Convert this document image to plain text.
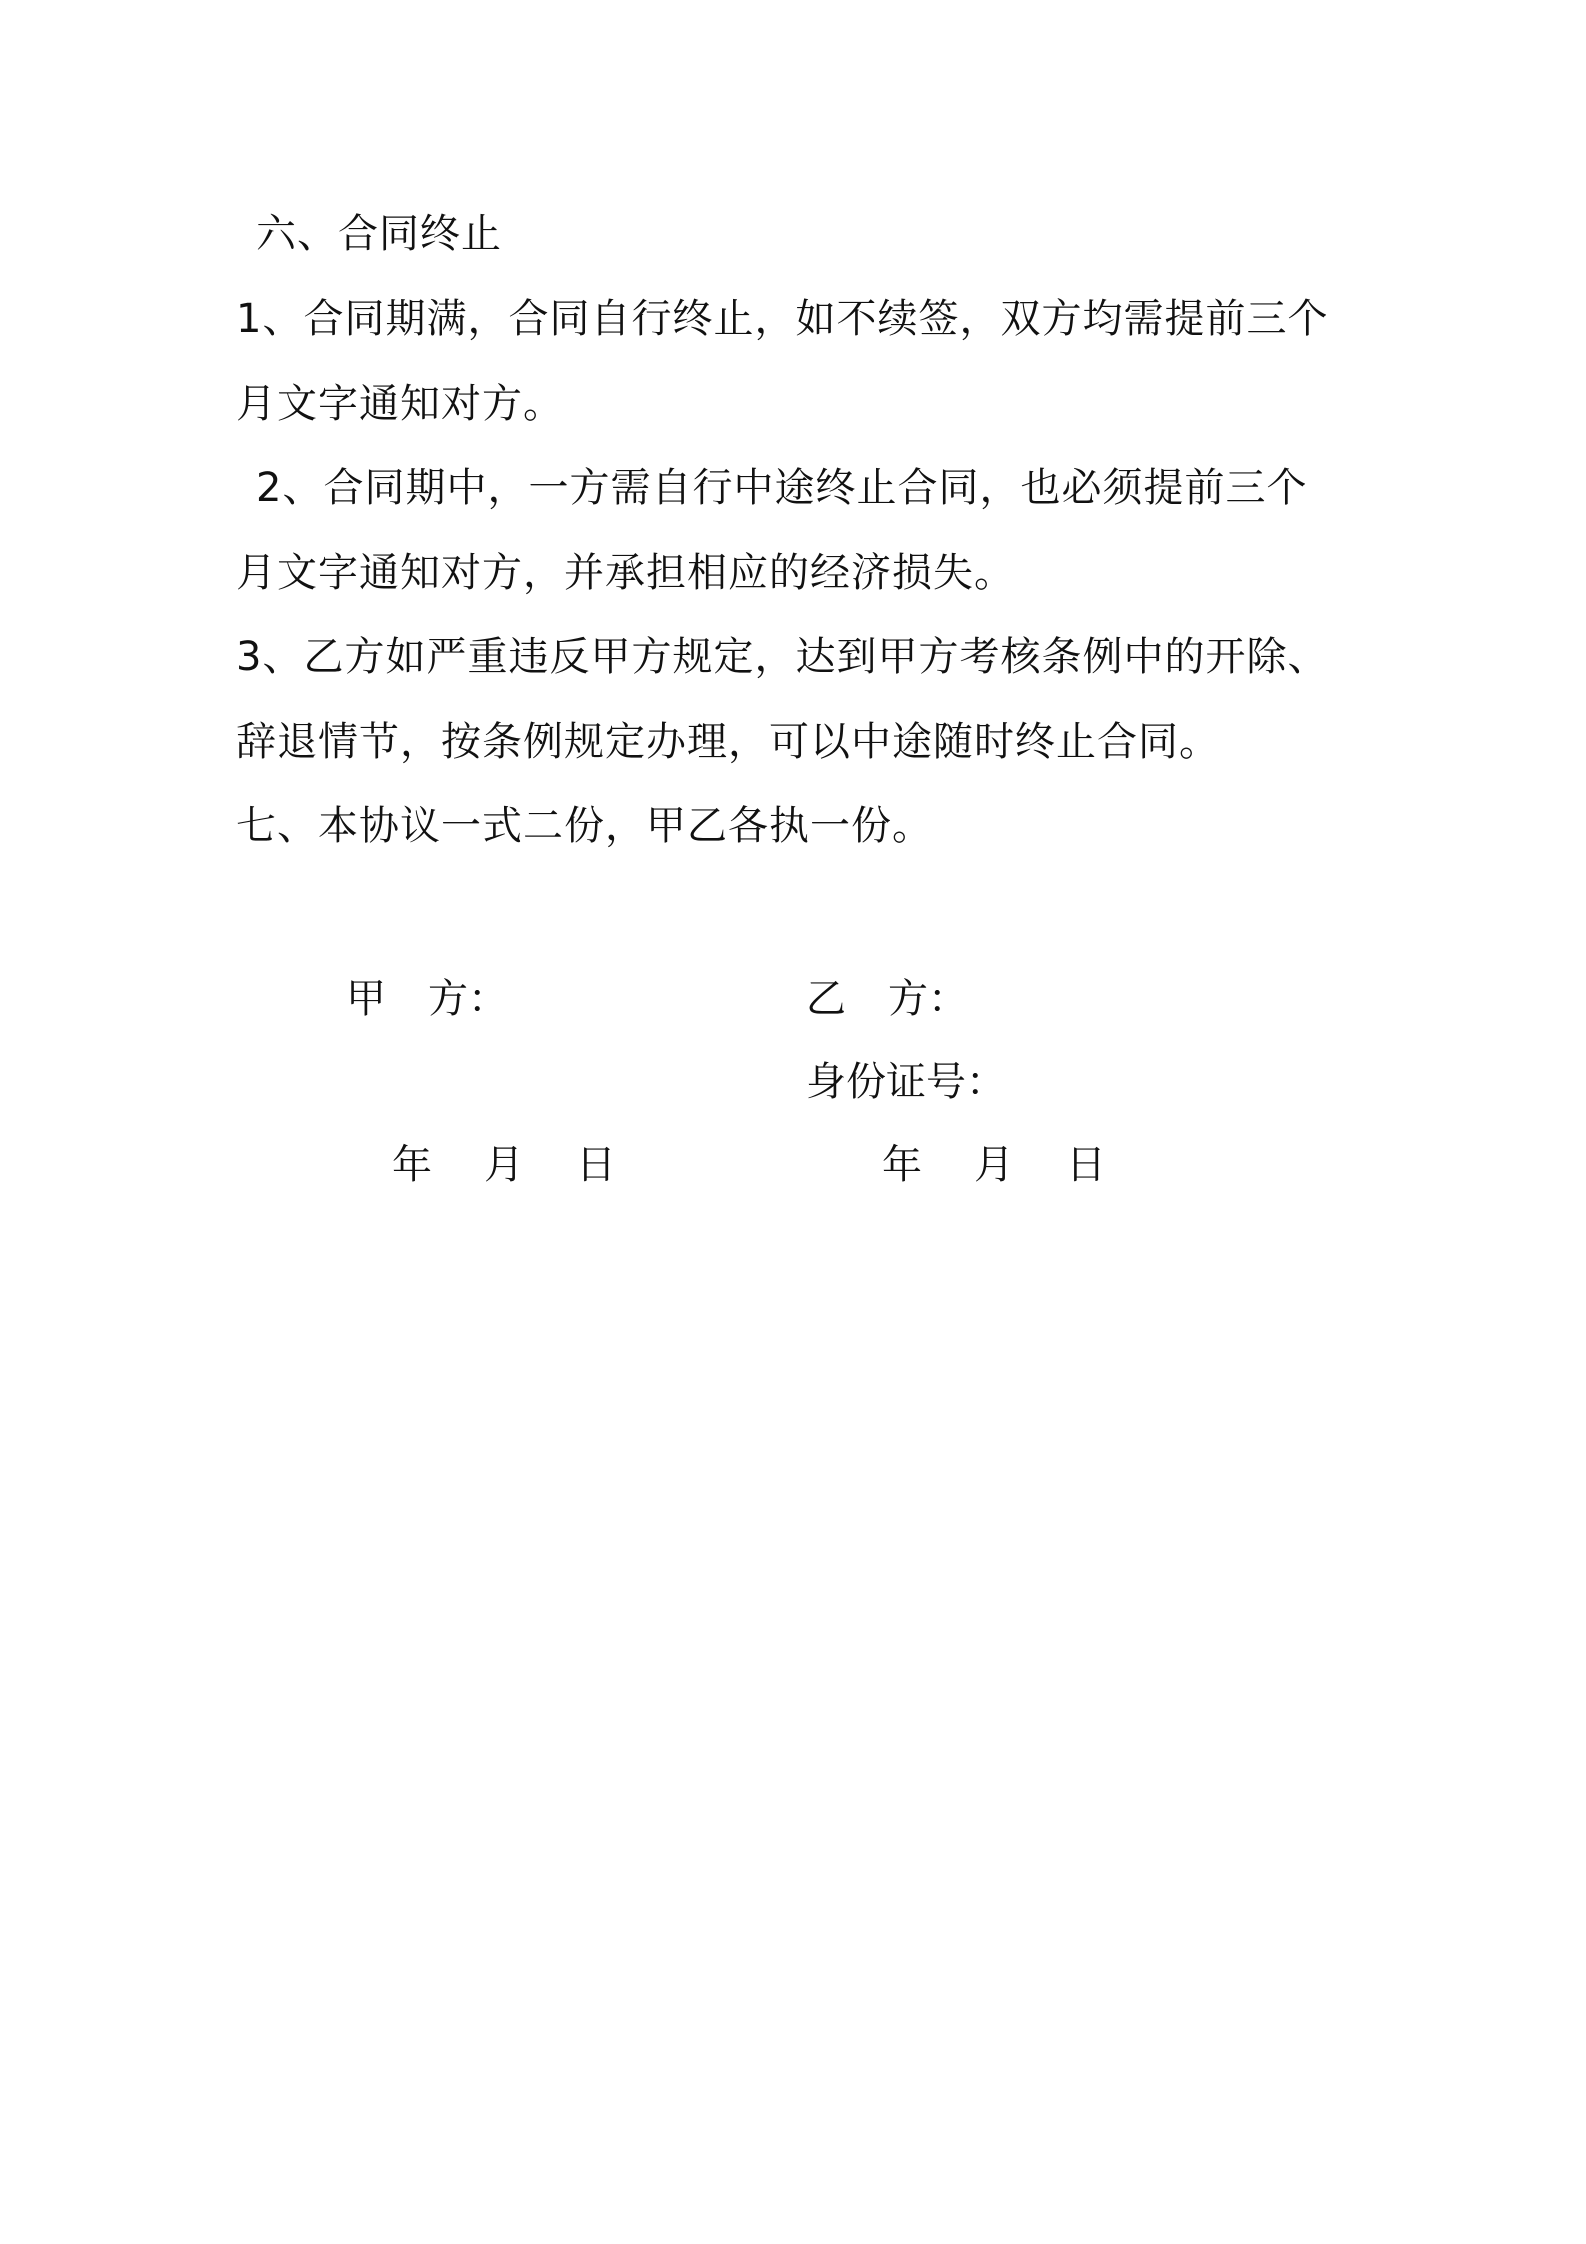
六、合同终止
1、合同期满，合同自行终止，如不续签，双方均需提前三个
月文字通知对方。
2、合同期中，一方需自行中途终止合同，也必须提前三个
月文字通知对方，并承担相应的经济损失。
3、乙方如严重违反甲方规定，达到甲方考核条例中的开除、
辞退情节，按条例规定办理，可以中途随时终止合同。
七、本协议一式二份，甲乙各执一份。
甲 方：
年 月 日
乙 方：
身份证号：
年 月 日
